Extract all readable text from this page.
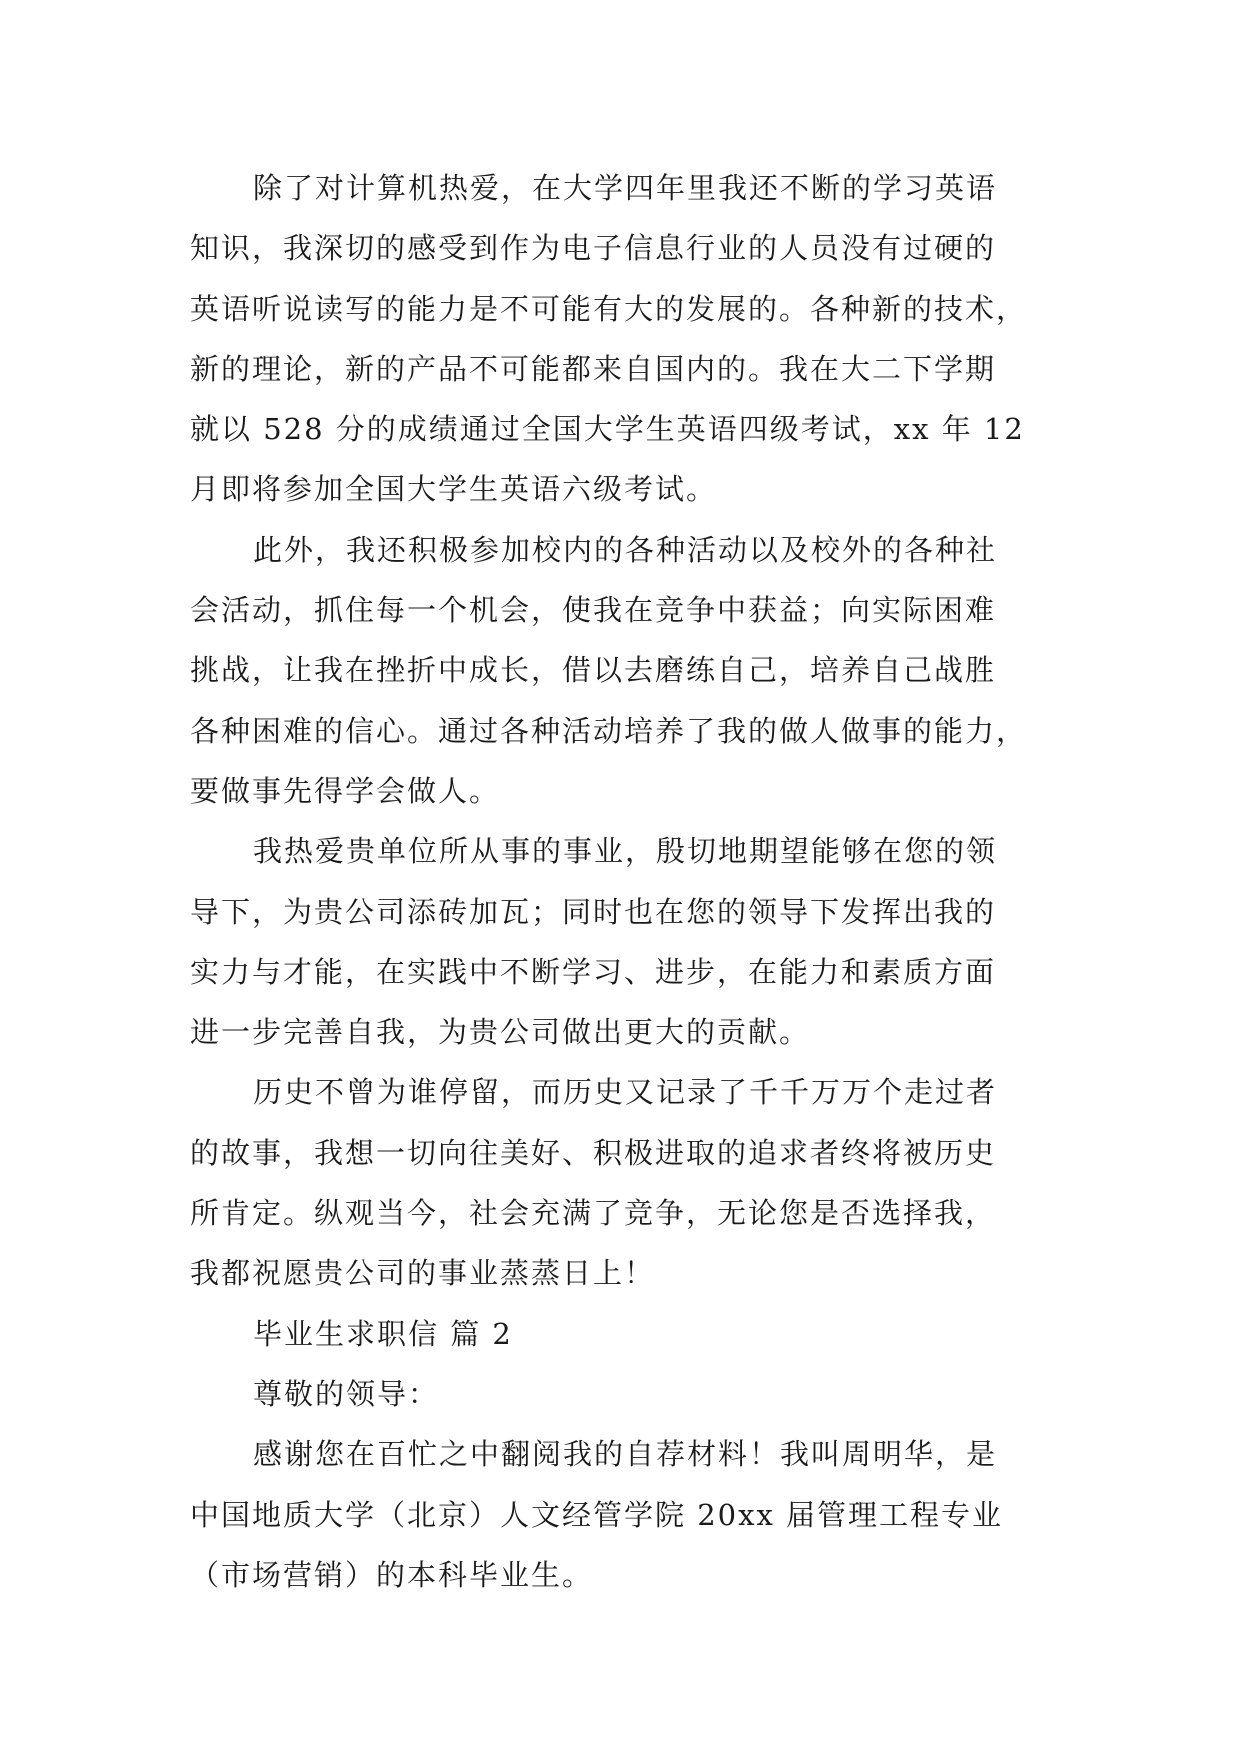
除了对计算机热爱，在大学四年里我还不断的学习英语
知识，我深切的感受到作为电子信息行业的人员没有过硬的
英语听说读写的能力是不可能有大的发展的。各种新的技术，
新的理论，新的产品不可能都来自国内的。我在大二下学期
就以 528 分的成绩通过全国大学生英语四级考试，xx 年 12
月即将参加全国大学生英语六级考试。
此外，我还积极参加校内的各种活动以及校外的各种社
会活动，抓住每一个机会，使我在竞争中获益；向实际困难
挑战，让我在挫折中成长，借以去磨练自己，培养自己战胜
各种困难的信心。通过各种活动培养了我的做人做事的能力，
要做事先得学会做人。
我热爱贵单位所从事的事业，殷切地期望能够在您的领
导下，为贵公司添砖加瓦；同时也在您的领导下发挥出我的
实力与才能，在实践中不断学习、进步，在能力和素质方面
进一步完善自我，为贵公司做出更大的贡献。
历史不曾为谁停留，而历史又记录了千千万万个走过者
的故事，我想一切向往美好、积极进取的追求者终将被历史
所肯定。纵观当今，社会充满了竞争，无论您是否选择我，
我都祝愿贵公司的事业蒸蒸日上！
毕业生求职信 篇 2
尊敬的领导：
感谢您在百忙之中翻阅我的自荐材料！我叫周明华，是
中国地质大学（北京）人文经管学院 20xx 届管理工程专业
（市场营销）的本科毕业生。
